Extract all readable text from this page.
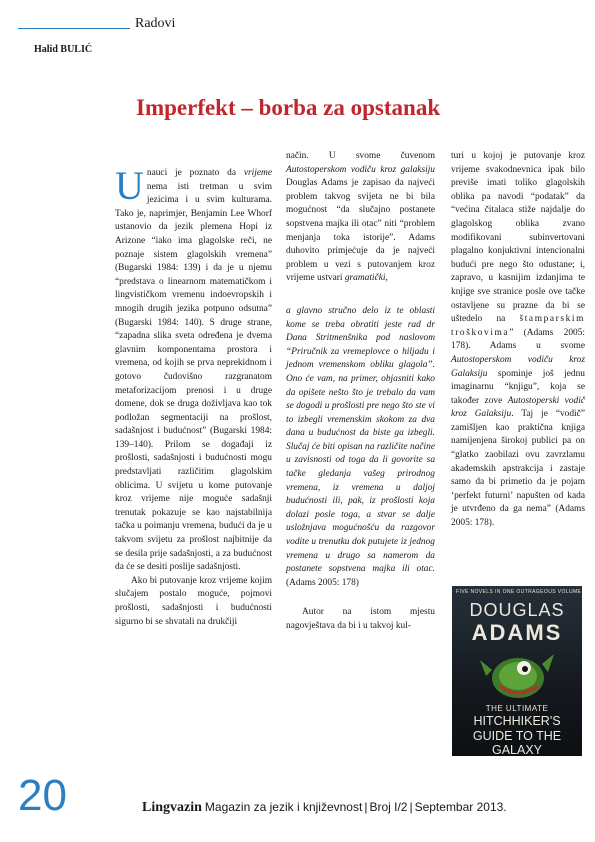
Radovi
Halid BULIĆ
Imperfekt – borba za opstanak

Unauci je poznato da vrijeme nema isti tretman u svim jezicima i u svim kulturama. Tako je, naprimjer, Benjamin Lee Whorf ustanovio da jezik plemena Hopi iz Arizone “iako ima glagolske reči, ne poznaje sistem glagolskih vremena” (Bugarski 1984: 139) i da je u njemu “predstava o linearnom matematičkom i lingvističkom vremenu indoevropskih i mnogih drugih jezika potpuno odsutna” (Bugarski 1984: 140). S druge strane, “zapadna slika sveta određena je dvema glavnim komponentama prostora i vremena, od kojih se prva neprekidnom i gotovo čudovišno razgranatom metaforizacijom prenosi i u druge domene, dok se druga doživljava kao tok podložan segmentaciji na prošlost, sadašnjost i budućnost” (Bugarski 1984: 139–140). Prilom se događaji iz prošlosti, sadašnjosti i budućnosti mogu predstavljati različitim glagolskim oblicima. U svijetu u kome putovanje kroz vrijeme nije moguće sadašnji trenutak pokazuje se kao najstabilnija tačka u poimanju vremena, budući da je u takvom svijetu za prošlost najbitnije da se desila prije sadašnjosti, a za budućnost da će se desiti poslije sadašnjosti.

Ako bi putovanje kroz vrijeme kojim slučajem postalo moguće, pojmovi prošlosti, sadašnjosti i budućnosti sigurno bi se shvatali na drukčiji

način. U svome čuvenom Autostoperskom vodiču kroz galaksiju Douglas Adams je zapisao da najveći problem takvog svijeta ne bi bila mogućnost “da slučajno postanete sopstvena majka ili otac” niti “problem menjanja toka istorije”. Adams duhovito primjećuje da je najveći problem u vezi s putovanjem kroz vrijeme ustvari gramatički,

a glavno stručno delo iz te oblasti kome se treba obratiti jeste rad dr Dana Stritmenšnika pod naslovom “Priručnik za vremeplovce o hiljadu i jednom vremenskom obliku glagola”. Ono će vam, na primer, objasniti kako da opišete nešto što je trebalo da vam se dogodi u prošlosti pre nego što ste vi to izbegli vremenskim skokom za dva dana u budućnost da biste ga izbegli. Slučaj će biti opisan na različite načine u zavisnosti od toga da li govorite sa tačke gledanja vašeg prirodnog vremena, iz vremena u daljoj budućnosti ili, pak, iz prošlosti koja dolazi posle toga, a stvar se dalje usložnjava mogućnošću da razgovor vodite u trenutku dok putujete iz jednog vremena u drugo sa namerom da postanete sopstvena majka ili otac. (Adams 2005: 178)

Autor na istom mjestu nagovještava da bi i u takvoj kul-

turi u kojoj je putovanje kroz vrijeme svakodnevnica ipak bilo previše imati toliko glagolskih oblika pa navodi “podatak” da “većina čitalaca stiže najdalje do glagolskog oblika zvano modifikovani subinvertovani plagalno konjuktivni intencionalni budući pre nego što odustane; i, zapravo, u kasnijim izdanjima te knjige sve stranice posle ove tačke ostavljene su prazne da bi se uštedelo na štamparskim troškovima” (Adams 2005: 178). Adams u svome Autostoperskom vodiču kroz Galaksiju spominje još jednu imaginarnu “knjigu”, koja se također zove Autostoperski vodič kroz Galaksiju. Taj je “vodič” zamišljen kao praktična knjiga namijenjena širokoj publici pa on “glatko zaobilazi ovu zavrzlamu akademskih apstrakcija i zastaje samo da bi primetio da je pojam ‘perfekt futurni’ napušten od kada je utvrđeno da ga nema” (Adams 2005: 178).

FIVE NOVELS IN ONE OUTRAGEOUS VOLUME
DOUGLAS
ADAMS
THE ULTIMATE
HITCHHIKER'S
GUIDE TO THE GALAXY
20	Lingvazin Magazin za jezik i književnost | Broj I/2 | Septembar 2013.
